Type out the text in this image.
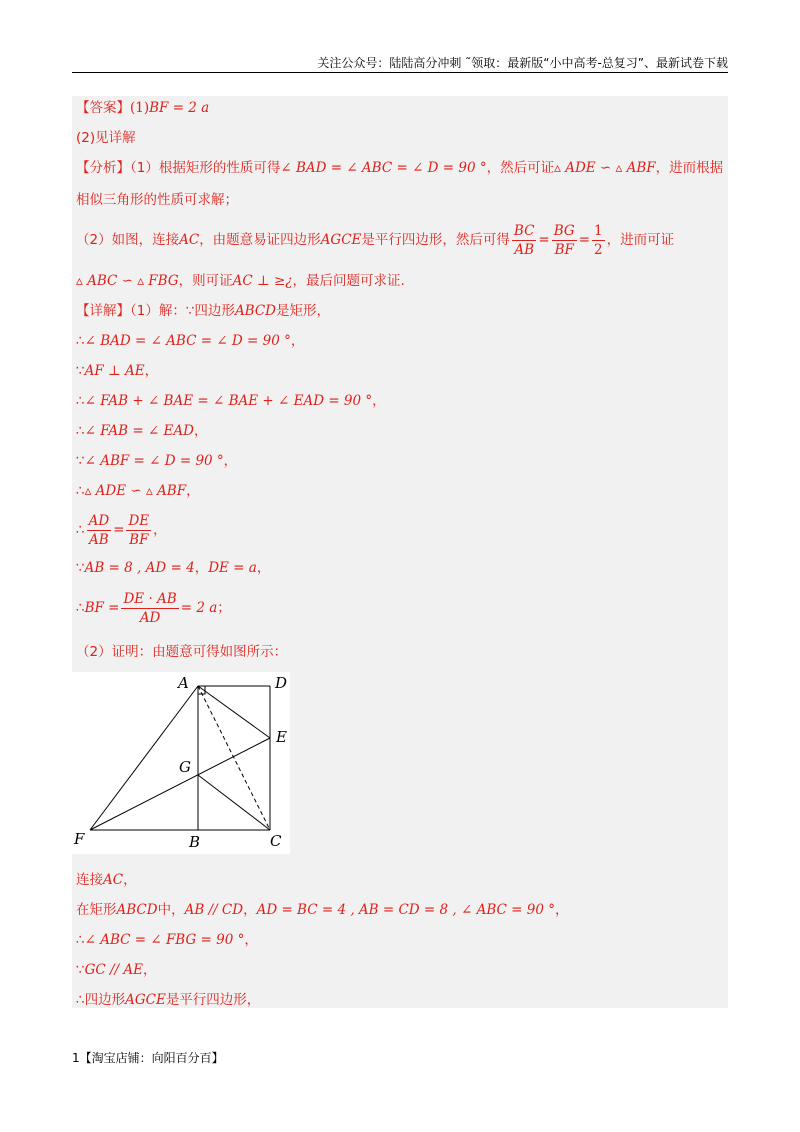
关注公众号：陆陆高分冲刺 ˜领取：最新版“小中高考-总复习”、最新试卷下载
【答案】(1)BF = 2 a
(2)见详解
【分析】（1）根据矩形的性质可得∠ BAD = ∠ ABC = ∠ D = 90 °，然后可证▵ ADE ∽ ▵ ABF，进而根据
相似三角形的性质可求解；
（2）如图，连接AC，由题意易证四边形AGCE是平行四边形，然后可得 $\frac{BC}{AB} = \frac{BG}{BF} = \frac{1}{2}$ ，进而可证
▵ ABC ∽ ▵ FBG，则可证AC ⊥ ≥¿，最后问题可求证.
【详解】（1）解：∵四边形ABCD是矩形，
∴∠ BAD = ∠ ABC = ∠ D = 90 °，
∵AF ⊥ AE，
∴∠ FAB + ∠ BAE = ∠ BAE + ∠ EAD = 90 °，
∴∠ FAB = ∠ EAD，
∵∠ ABF = ∠ D = 90 °，
∴▵ ADE ∽ ▵ ABF，
∴ $\frac{AD}{AB} = \frac{DE}{BF}$ ，
∵AB = 8 , AD = 4，DE = a，
∴BF = $\frac{DE \cdot AB}{AD} = 2$ a；
（2）证明：由题意可得如图所示：
A	D
E
G
F	B	C
连接AC，
在矩形ABCD中，AB // CD，AD = BC = 4 , AB = CD = 8 , ∠ ABC = 90 °，
∴∠ ABC = ∠ FBG = 90 °，
∵GC // AE，
∴四边形AGCE是平行四边形，
1【淘宝店铺：向阳百分百】
